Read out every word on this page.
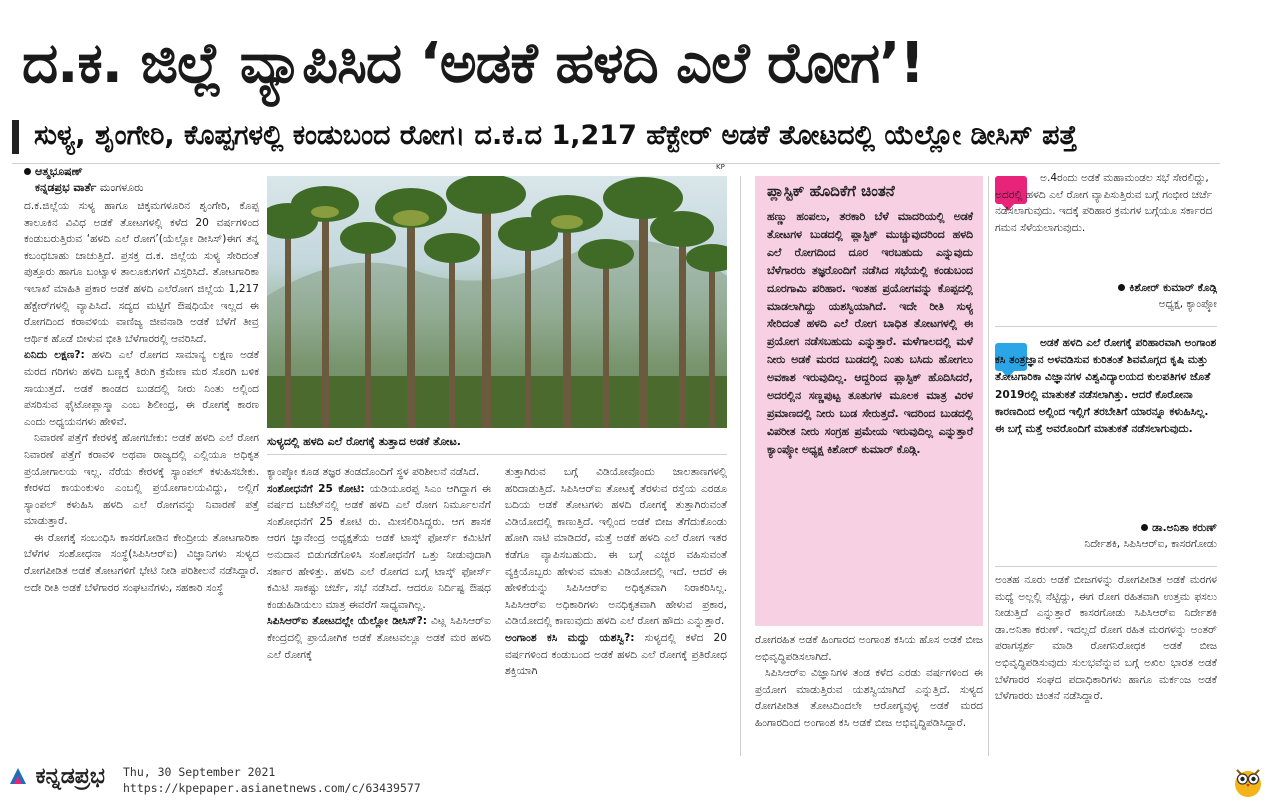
ದ.ಕ. ಜಿಲ್ಲೆ ವ್ಯಾಪಿಸಿದ ‘ಅಡಕೆ ಹಳದಿ ಎಲೆ ರೋಗ’!
ಸುಳ್ಯ, ಶೃಂಗೇರಿ, ಕೊಪ್ಪಗಳಲ್ಲಿ ಕಂಡುಬಂದ ರೋಗ। ದ.ಕ.ದ 1,217 ಹೆಕ್ಟೇರ್ ಅಡಕೆ ತೋಟದಲ್ಲಿ ಯೆಲ್ಲೋ ಡೀಸಿಸ್ ಪತ್ತೆ
ಆತ್ಮಭೂಷಣ್
ಕನ್ನಡಪ್ರಭ ವಾರ್ತೆ ಮಂಗಳೂರು

ದ.ಕ.ಜಿಲ್ಲೆಯ ಸುಳ್ಯ ಹಾಗೂ ಚಿಕ್ಕಮಗಳೂರಿನ ಶೃಂಗೇರಿ, ಕೊಪ್ಪ ತಾಲೂಕಿನ ವಿವಿಧ ಅಡಕೆ ತೋಟಗಳಲ್ಲಿ ಕಳೆದ 20 ವರ್ಷಗಳಿಂದ ಕಂಡುಬರುತ್ತಿರುವ ‘ಹಳದಿ ಎಲೆ ರೋಗ’(ಯೆಲ್ಲೋ ಡೀಸಿಸ್)ಈಗ ತನ್ನ ಕಬಂಧಬಾಹು ಚಾಚುತ್ತಿದೆ. ಪ್ರಸಕ್ತ ದ.ಕ. ಜಿಲ್ಲೆಯ ಸುಳ್ಯ ಸೇರಿದಂತೆ ಪುತ್ತೂರು ಹಾಗೂ ಬಂಟ್ವಾಳ ತಾಲೂಕುಗಳಿಗೆ ವಿಸ್ತರಿಸಿದೆ. ತೋಟಗಾರಿಕಾ ಇಲಾಖೆ ಮಾಹಿತಿ ಪ್ರಕಾರ ಅಡಕೆ ಹಳದಿ ಎಲೆರೋಗ ಜಿಲ್ಲೆಯ 1,217 ಹೆಕ್ಟೇರ್‌ಗಳಲ್ಲಿ ವ್ಯಾಪಿಸಿದೆ. ಸದ್ಯದ ಮಟ್ಟಿಗೆ ಔಷಧಿಯೇ ಇಲ್ಲದ ಈ ರೋಗದಿಂದ ಕರಾವಳಿಯ ವಾಣಿಜ್ಯ ಜೀವನಾಡಿ ಅಡಕೆ ಬೆಳೆಗೆ ತೀವ್ರ ಆರ್ಥಿಕ ಹೊಡೆ ಬೀಳುವ ಭೀತಿ ಬೆಳೆಗಾರರಲ್ಲಿ ಆವರಿಸಿದೆ.

ಏನಿದು ಲಕ್ಷಣ?: ಹಳದಿ ಎಲೆ ರೋಗದ ಸಾಮಾನ್ಯ ಲಕ್ಷಣ ಅಡಕೆ ಮರದ ಗರಿಗಳು ಹಳದಿ ಬಣ್ಣಕ್ಕೆ ತಿರುಗಿ ಕ್ರಮೇಣ ಮರ ಸೊರಗಿ ಬಳಿಕ ಸಾಯುತ್ತದೆ. ಅಡಕೆ ಕಾಂಡದ ಬುಡದಲ್ಲಿ ನೀರು ನಿಂತು ಅಲ್ಲಿಂದ ಪಸರಿಸುವ ಫೈಟೋಪ್ಲಾಸ್ಮಾ ಎಂಬ ಶಿಲೀಂಧ್ರ, ಈ ರೋಗಕ್ಕೆ ಕಾರಣ ಎಂದು ಅಧ್ಯಯನಗಳು ಹೇಳಿವೆ.

ನಿವಾರಣೆ ಪತ್ತೆಗೆ ಕೇರಳಕ್ಕೆ ಹೋಗಬೇಕು: ಅಡಕೆ ಹಳದಿ ಎಲೆ ರೋಗ ನಿವಾರಣೆ ಪತ್ತೆಗೆ ಕರಾವಳಿ ಅಥವಾ ರಾಜ್ಯದಲ್ಲಿ ಎಲ್ಲಿಯೂ ಅಧಿಕೃತ ಪ್ರಯೋಗಾಲಯ ಇಲ್ಲ. ನೆರೆಯ ಕೇರಳಕ್ಕೆ ಸ್ಯಾಂಪಲ್ ಕಳುಹಿಸಬೇಕು. ಕೇರಳದ ಕಾಯಂಕುಳಂ ಎಂಬಲ್ಲಿ ಪ್ರಯೋಗಾಲಯವಿದ್ದು, ಅಲ್ಲಿಗೆ ಸ್ಯಾಂಪಲ್ ಕಳುಹಿಸಿ ಹಳದಿ ಎಲೆ ರೋಗವನ್ನು ನಿವಾರಣೆ ಪತ್ತೆ ಮಾಡುತ್ತಾರೆ.

ಈ ರೋಗಕ್ಕೆ ಸಂಬಂಧಿಸಿ ಕಾಸರಗೋಡಿನ ಕೇಂದ್ರೀಯ ತೋಟಗಾರಿಕಾ ಬೆಳೆಗಳ ಸಂಶೋಧನಾ ಸಂಸ್ಥೆ(ಸಿಪಿಸಿಆರ್‌ಐ) ವಿಜ್ಞಾನಿಗಳು ಸುಳ್ಯದ ರೋಗಪೀಡಿತ ಅಡಕೆ ತೋಟಗಳಿಗೆ ಭೇಟಿ ನೀಡಿ ಪರಿಶೀಲನೆ ನಡೆಸಿದ್ದಾರೆ. ಅದೇ ರೀತಿ ಅಡಕೆ ಬೆಳೆಗಾರರ ಸಂಘಟನೆಗಳು, ಸಹಕಾರಿ ಸಂಸ್ಥೆ

KP
ಸುಳ್ಯದಲ್ಲಿ ಹಳದಿ ಎಲೆ ರೋಗಕ್ಕೆ ತುತ್ತಾದ ಅಡಕೆ ತೋಟ.

ಕ್ಯಾಂಪ್ಕೋ ಕೂಡ ತಜ್ಞರ ತಂಡದೊಂದಿಗೆ ಸ್ಥಳ ಪರಿಶೀಲನೆ ನಡೆಸಿದೆ.

ಸಂಶೋಧನೆಗೆ 25 ಕೋಟಿ: ಯಡಿಯೂರಪ್ಪ ಸಿಎಂ ಆಗಿದ್ದಾಗ ಈ ವರ್ಷದ ಬಜೆಟ್‌ನಲ್ಲಿ ಅಡಕೆ ಹಳದಿ ಎಲೆ ರೋಗ ನಿರ್ಮೂಲನೆಗೆ ಸಂಶೋಧನೆಗೆ 25 ಕೋಟಿ ರು. ಮೀಸಲಿರಿಸಿದ್ದರು. ಆಗ ಶಾಸಕ ಆರಗ ಜ್ಞಾನೇಂದ್ರ ಅಧ್ಯಕ್ಷತೆಯ ಅಡಕೆ ಟಾಸ್ಕ್ ಫೋರ್ಸ್ ಕಮಿಟಿಗೆ ಅನುದಾನ ಬಿಡುಗಡೆಗೊಳಿಸಿ ಸಂಶೋಧನೆಗೆ ಒತ್ತು ನೀಡುವುದಾಗಿ ಸರ್ಕಾರ ಹೇಳಿತ್ತು. ಹಳದಿ ಎಲೆ ರೋಗದ ಬಗ್ಗೆ ಟಾಸ್ಕ್ ಫೋರ್ಸ್ ಕಮಿಟಿ ಸಾಕಷ್ಟು ಚರ್ಚೆ, ಸಭೆ ನಡೆಸಿದೆ. ಆದರೂ ನಿರ್ದಿಷ್ಟ ಔಷಧ ಕಂಡುಹಿಡಿಯಲು ಮಾತ್ರ ಈವರೆಗೆ ಸಾಧ್ಯವಾಗಿಲ್ಲ.

ಸಿಪಿಸಿಆರ್‌ಐ ತೋಟದಲ್ಲೇ ಯೆಲ್ಲೋ ಡೀಸಿಸ್?: ವಿಟ್ಲ ಸಿಪಿಸಿಆರ್‌ಐ ಕೇಂದ್ರದಲ್ಲಿ ಪ್ರಾಯೋಗಿಕ ಅಡಕೆ ತೋಟವಲ್ಲೂ ಅಡಕೆ ಮರ ಹಳದಿ ಎಲೆ ರೋಗಕ್ಕೆ

ತುತ್ತಾಗಿರುವ ಬಗ್ಗೆ ವಿಡಿಯೋವೊಂದು ಜಾಲತಾಣಗಳಲ್ಲಿ ಹರಿದಾಡುತ್ತಿದೆ. ಸಿಪಿಸಿಆರ್‌ಐ ತೋಟಕ್ಕೆ ತೆರಳುವ ರಸ್ತೆಯ ಎರಡೂ ಬದಿಯ ಅಡಕೆ ತೋಟಗಳು ಹಳದಿ ರೋಗಕ್ಕೆ ತುತ್ತಾಗಿರುವಂತೆ ವಿಡಿಯೋದಲ್ಲಿ ಕಾಣುತ್ತಿದೆ. ಇಲ್ಲಿಂದ ಅಡಕೆ ಬೀಜ ತೆಗೆದುಕೊಂಡು ಹೋಗಿ ನಾಟಿ ಮಾಡಿದರೆ, ಮತ್ತೆ ಅಡಕೆ ಹಳದಿ ಎಲೆ ರೋಗ ಇತರ ಕಡೆಗೂ ವ್ಯಾಪಿಸಬಹುದು. ಈ ಬಗ್ಗೆ ಎಚ್ಚರ ವಹಿಸುವಂತೆ ವ್ಯಕ್ತಿಯೊಬ್ಬರು ಹೇಳುವ ಮಾತು ವಿಡಿಯೋದಲ್ಲಿ ಇದೆ. ಆದರೆ ಈ ಹೇಳಿಕೆಯನ್ನು ಸಿಪಿಸಿಆರ್‌ಐ ಅಧಿಕೃತವಾಗಿ ನಿರಾಕರಿಸಿಲ್ಲ. ಸಿಪಿಸಿಆರ್‌ಐ ಅಧಿಕಾರಿಗಳು ಅನಧಿಕೃತವಾಗಿ ಹೇಳುವ ಪ್ರಕಾರ, ವಿಡಿಯೋದಲ್ಲಿ ಕಾಣುವುದು ಹಳದಿ ಎಲೆ ರೋಗ ಹೌದು ಎನ್ನುತ್ತಾರೆ.

ಅಂಗಾಂಶ ಕಸಿ ಮದ್ದು ಯಶಸ್ವಿ?: ಸುಳ್ಯದಲ್ಲಿ ಕಳೆದ 20 ವರ್ಷಗಳಿಂದ ಕಂಡುಬಂದ ಅಡಕೆ ಹಳದಿ ಎಲೆ ರೋಗಕ್ಕೆ ಪ್ರತಿರೋಧ ಶಕ್ತಿಯಾಗಿ

ಪ್ಲಾಸ್ಟಿಕ್ ಹೊದಿಕೆಗೆ ಚಿಂತನೆ
ಹಣ್ಣು ಹಂಪಲು, ತರಕಾರಿ ಬೆಳೆ ಮಾದರಿಯಲ್ಲಿ ಅಡಕೆ ತೋಟಗಳ ಬುಡದಲ್ಲಿ ಪ್ಲಾಸ್ಟಿಕ್ ಮುಚ್ಚುವುದರಿಂದ ಹಳದಿ ಎಲೆ ರೋಗದಿಂದ ದೂರ ಇರಬಹುದು ಎನ್ನುವುದು ಬೆಳೆಗಾರರು ತಜ್ಞರೊಂದಿಗೆ ನಡೆಸಿದ ಸಭೆಯಲ್ಲಿ ಕಂಡುಬಂದ ದೂರಗಾಮಿ ಪರಿಹಾರ. ಇಂತಹ ಪ್ರಯೋಗವನ್ನು ಕೊಪ್ಪದಲ್ಲಿ ಮಾಡಲಾಗಿದ್ದು ಯಶಸ್ವಿಯಾಗಿದೆ. ಇದೇ ರೀತಿ ಸುಳ್ಯ ಸೇರಿದಂತೆ ಹಳದಿ ಎಲೆ ರೋಗ ಬಾಧಿತ ತೋಟಗಳಲ್ಲಿ ಈ ಪ್ರಯೋಗ ನಡೆಸಬಹುದು ಎನ್ನುತ್ತಾರೆ. ಮಳೆಗಾಲದಲ್ಲಿ ಮಳೆ ನೀರು ಅಡಕೆ ಮರದ ಬುಡದಲ್ಲಿ ನಿಂತು ಬಸಿದು ಹೋಗಲು ಅವಕಾಶ ಇರುವುದಿಲ್ಲ. ಆದ್ದರಿಂದ ಪ್ಲಾಸ್ಟಿಕ್ ಹೊದಿಸಿದರೆ, ಅದರಲ್ಲಿನ ಸಣ್ಣಪುಟ್ಟ ತೂತುಗಳ ಮೂಲಕ ಮಾತ್ರ ವಿರಳ ಪ್ರಮಾಣದಲ್ಲಿ ನೀರು ಬುಡ ಸೇರುತ್ತದೆ. ಇದರಿಂದ ಬುಡದಲ್ಲಿ ವಿಪರೀತ ನೀರು ಸಂಗ್ರಹ ಪ್ರಮೇಯ ಇರುವುದಿಲ್ಲ ಎನ್ನುತ್ತಾರೆ ಕ್ಯಾಂಪ್ಕೋ ಅಧ್ಯಕ್ಷ ಕಿಶೋರ್ ಕುಮಾರ್ ಕೊಡ್ಗಿ.

ರೋಗರಹಿತ ಅಡಕೆ ಹಿಂಗಾರದ ಅಂಗಾಂಶ ಕಸಿಯ ಹೊಸ ಅಡಕೆ ಬೀಜ ಅಭಿವೃದ್ಧಿಪಡಿಸಲಾಗಿದೆ.

ಸಿಪಿಸಿಆರ್‌ಐ ವಿಜ್ಞಾನಿಗಳ ತಂಡ ಕಳೆದ ಎರಡು ವರ್ಷಗಳಿಂದ ಈ ಪ್ರಯೋಗ ಮಾಡುತ್ತಿರುವ ಯಶಸ್ವಿಯಾಗಿದೆ ಎನ್ನುತ್ತಿದೆ. ಸುಳ್ಯದ ರೋಗಪೀಡಿತ ತೋಟದಿಂದಲೇ ಆರೋಗ್ಯವುಳ್ಳ ಅಡಕೆ ಮರದ ಹಿಂಗಾರದಿಂದ ಅಂಗಾಂಶ ಕಸಿ ಅಡಕೆ ಬೀಜ ಅಭಿವೃದ್ಧಿಪಡಿಸಿದ್ದಾರೆ.

ಅ.4ರಂದು ಅಡಕೆ ಮಹಾಮಂಡಲ ಸಭೆ ಸೇರಲಿದ್ದು, ಅದರಲ್ಲಿ ಹಳದಿ ಎಲೆ ರೋಗ ವ್ಯಾಪಿಸುತ್ತಿರುವ ಬಗ್ಗೆ ಗಂಭೀರ ಚರ್ಚೆ ನಡೆಸಲಾಗುವುದು. ಇದಕ್ಕೆ ಪರಿಹಾರ ಕ್ರಮಗಳ ಬಗ್ಗೆಯೂ ಸರ್ಕಾರದ ಗಮನ ಸೆಳೆಯಲಾಗುವುದು.
ಕಿಶೋರ್ ಕುಮಾರ್ ಕೊಡ್ಗಿ
ಅಧ್ಯಕ್ಷ, ಕ್ಯಾಂಪ್ಕೋ
ಅಡಕೆ ಹಳದಿ ಎಲೆ ರೋಗಕ್ಕೆ ಪರಿಹಾರವಾಗಿ ಅಂಗಾಂಶ ಕಸಿ ತಂತ್ರಜ್ಞಾನ ಅಳವಡಿಸುವ ಕುರಿತಂತೆ ಶಿವಮೊಗ್ಗದ ಕೃಷಿ ಮತ್ತು ತೋಟಗಾರಿಕಾ ವಿಜ್ಞಾನಗಳ ವಿಶ್ವವಿದ್ಯಾಲಯದ ಕುಲಪತಿಗಳ ಜೊತೆ 2019ರಲ್ಲಿ ಮಾತುಕತೆ ನಡೆಸಲಾಗಿತ್ತು. ಆದರೆ ಕೊರೋನಾ ಕಾರಣದಿಂದ ಅಲ್ಲಿಂದ ಇಲ್ಲಿಗೆ ತರಬೇತಿಗೆ ಯಾರನ್ನೂ ಕಳುಹಿಸಿಲ್ಲ. ಈ ಬಗ್ಗೆ ಮತ್ತೆ ಅವರೊಂದಿಗೆ ಮಾತುಕತೆ ನಡೆಸಲಾಗುವುದು.
ಡಾ.ಅನಿತಾ ಕರುಣ್
ನಿರ್ದೇಶಕಿ, ಸಿಪಿಸಿಆರ್‌ಐ, ಕಾಸರಗೋಡು

ಅಂತಹ ನೂರು ಅಡಕೆ ಬೀಜಗಳನ್ನು ರೋಗಪೀಡಿತ ಅಡಕೆ ಮರಗಳ ಮಧ್ಯೆ ಅಲ್ಲಲ್ಲಿ ನೆಟ್ಟಿದ್ದು, ಈಗ ರೋಗ ರಹಿತವಾಗಿ ಉತ್ತಮ ಫಸಲು ನೀಡುತ್ತಿದೆ ಎನ್ನುತ್ತಾರೆ ಕಾಸರಗೋಡು ಸಿಪಿಸಿಆರ್‌ಐ ನಿರ್ದೇಶಕಿ ಡಾ.ಅನಿತಾ ಕರುಣ್. ಇದಲ್ಲದೆ ರೋಗ ರಹಿತ ಮರಗಳನ್ನು ಅಂತರ್ ಪರಾಗಸ್ಪರ್ಶ ಮಾಡಿ ರೋಗನಿರೋಧಕ ಅಡಕೆ ಬೀಜ ಅಭಿವೃದ್ಧಿಪಡಿಸುವುದು ಸುಲಭವೆನ್ನುವ ಬಗ್ಗೆ ಅಖಿಲ ಭಾರತ ಅಡಕೆ ಬೆಳೆಗಾರರ ಸಂಘದ ಪದಾಧಿಕಾರಿಗಳು ಹಾಗೂ ಮರ್ಕಂಜ ಅಡಕೆ ಬೆಳೆಗಾರರು ಚಿಂತನೆ ನಡೆಸಿದ್ದಾರೆ.

ಕನ್ನಡಪ್ರಭ Thu, 30 September 2021
https://kpepaper.asianetnews.com/c/63439577
